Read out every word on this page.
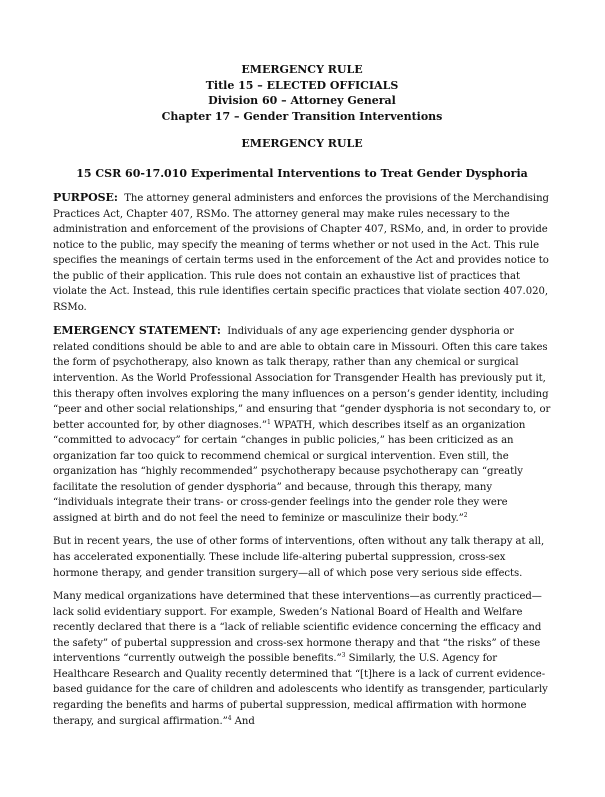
EMERGENCY RULE
Title 15 – ELECTED OFFICIALS
Division 60 – Attorney General
Chapter 17 – Gender Transition Interventions
EMERGENCY RULE
15 CSR 60-17.010 Experimental Interventions to Treat Gender Dysphoria

PURPOSE: The attorney general administers and enforces the provisions of the Merchandising Practices Act, Chapter 407, RSMo. The attorney general may make rules necessary to the administration and enforcement of the provisions of Chapter 407, RSMo, and, in order to provide notice to the public, may specify the meaning of terms whether or not used in the Act. This rule specifies the meanings of certain terms used in the enforcement of the Act and provides notice to the public of their application. This rule does not contain an exhaustive list of practices that violate the Act. Instead, this rule identifies certain specific practices that violate section 407.020, RSMo.

EMERGENCY STATEMENT: Individuals of any age experiencing gender dysphoria or related conditions should be able to and are able to obtain care in Missouri. Often this care takes the form of psychotherapy, also known as talk therapy, rather than any chemical or surgical intervention. As the World Professional Association for Transgender Health has previously put it, this therapy often involves exploring the many influences on a person’s gender identity, including “peer and other social relationships,” and ensuring that “gender dysphoria is not secondary to, or better accounted for, by other diagnoses.”$^1$ WPATH, which describes itself as an organization “committed to advocacy” for certain “changes in public policies,” has been criticized as an organization far too quick to recommend chemical or surgical intervention. Even still, the organization has “highly recommended” psychotherapy because psychotherapy can “greatly facilitate the resolution of gender dysphoria” and because, through this therapy, many “individuals integrate their trans- or cross-gender feelings into the gender role they were assigned at birth and do not feel the need to feminize or masculinize their body.”$^2$

But in recent years, the use of other forms of interventions, often without any talk therapy at all, has accelerated exponentially. These include life-altering pubertal suppression, cross-sex hormone therapy, and gender transition surgery—all of which pose very serious side effects.

Many medical organizations have determined that these interventions—as currently practiced—lack solid evidentiary support. For example, Sweden’s National Board of Health and Welfare recently declared that there is a “lack of reliable scientific evidence concerning the efficacy and the safety” of pubertal suppression and cross-sex hormone therapy and that “the risks” of these interventions “currently outweigh the possible benefits.”$^3$ Similarly, the U.S. Agency for Healthcare Research and Quality recently determined that “[t]here is a lack of current evidence-based guidance for the care of children and adolescents who identify as transgender, particularly regarding the benefits and harms of pubertal suppression, medical affirmation with hormone therapy, and surgical affirmation.”$^4$ And
